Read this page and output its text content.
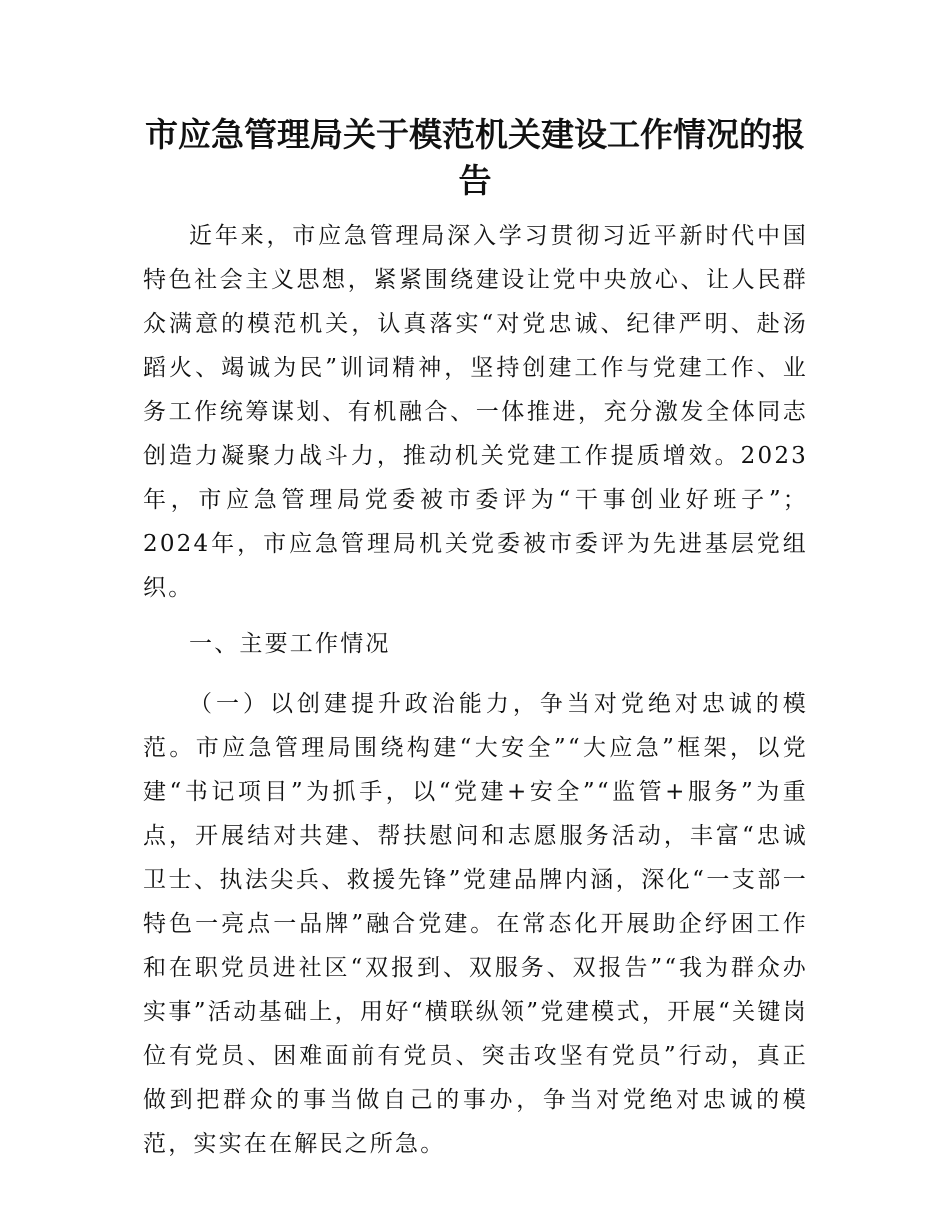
市应急管理局关于模范机关建设工作情况的报告

近年来，市应急管理局深入学习贯彻习近平新时代中国特色社会主义思想，紧紧围绕建设让党中央放心、让人民群众满意的模范机关，认真落实“对党忠诚、纪律严明、赴汤蹈火、竭诚为民”训词精神，坚持创建工作与党建工作、业务工作统筹谋划、有机融合、一体推进，充分激发全体同志创造力凝聚力战斗力，推动机关党建工作提质增效。2023年，市应急管理局党委被市委评为“干事创业好班子”；2024年，市应急管理局机关党委被市委评为先进基层党组织。

一、主要工作情况

（一）以创建提升政治能力，争当对党绝对忠诚的模范。市应急管理局围绕构建“大安全”“大应急”框架，以党建“书记项目”为抓手，以“党建+安全”“监管+服务”为重点，开展结对共建、帮扶慰问和志愿服务活动，丰富“忠诚卫士、执法尖兵、救援先锋”党建品牌内涵，深化“一支部一特色一亮点一品牌”融合党建。在常态化开展助企纾困工作和在职党员进社区“双报到、双服务、双报告”“我为群众办实事”活动基础上，用好“横联纵领”党建模式，开展“关键岗位有党员、困难面前有党员、突击攻坚有党员”行动，真正做到把群众的事当做自己的事办，争当对党绝对忠诚的模范，实实在在解民之所急。
